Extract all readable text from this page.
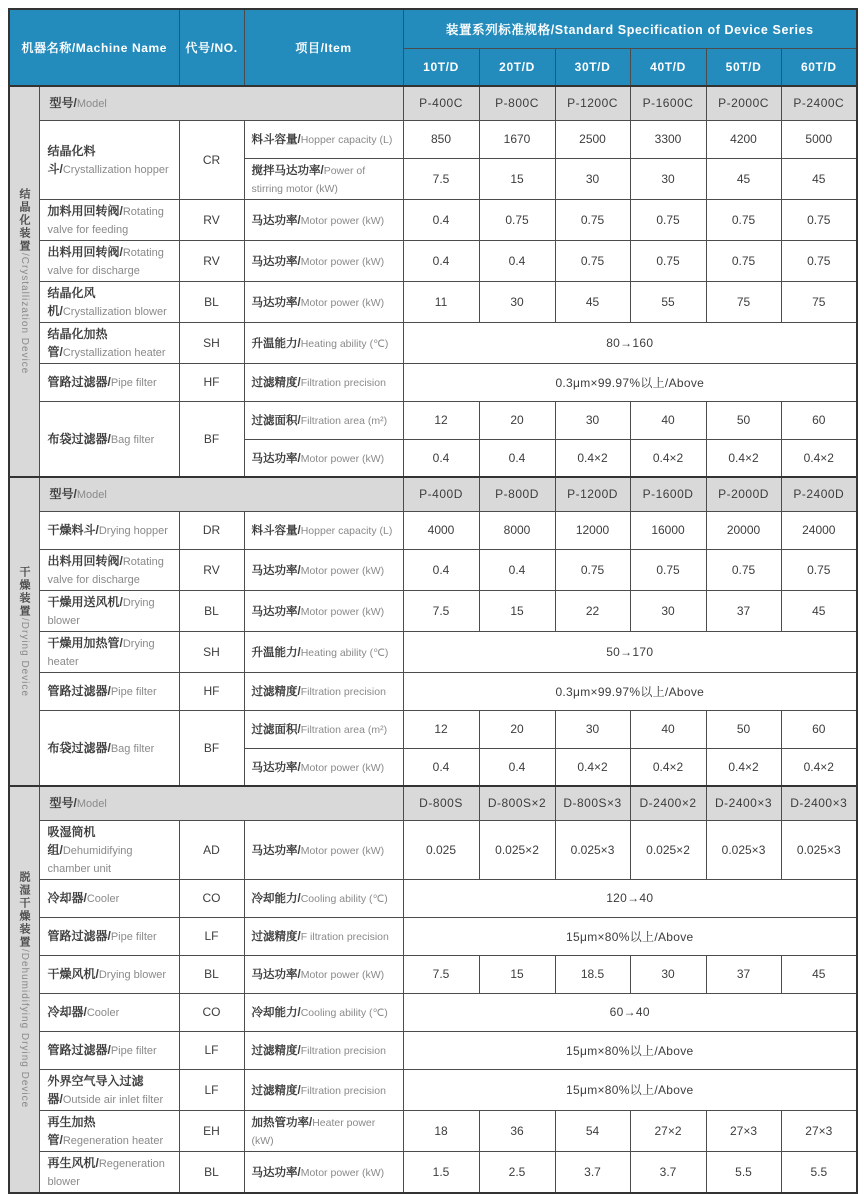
机器名称/Machine Name		代号/NO.	项目/Item	装置系列标准规格/Standard Specification of Device Series					
				10T/D	20T/D	30T/D	40T/D	50T/D	60T/D

结晶化装置/Crystallization Device	型号/Model			P-400C	P-800C	P-1200C	P-1600C	P-2000C	P-2400C
	结晶化料斗/Crystallization hopper	CR	料斗容量/Hopper capacity (L)	850	1670	2500	3300	4200	5000
			搅拌马达功率/Power of stirring motor (kW)	7.5	15	30	30	45	45
	加料用回转阀/Rotating valve for feeding	RV	马达功率/Motor power (kW)	0.4	0.75	0.75	0.75	0.75	0.75
	出料用回转阀/Rotating valve for discharge	RV	马达功率/Motor power (kW)	0.4	0.4	0.75	0.75	0.75	0.75
	结晶化风机/Crystallization blower	BL	马达功率/Motor power (kW)	11	30	45	55	75	75
	结晶化加热管/Crystallization heater	SH	升温能力/Heating ability (℃)	80→160					
	管路过滤器/Pipe filter	HF	过滤精度/Filtration precision	0.3μm×99.97%以上/Above					
	布袋过滤器/Bag filter	BF	过滤面积/Filtration area (m²)	12	20	30	40	50	60
			马达功率/Motor power (kW)	0.4	0.4	0.4×2	0.4×2	0.4×2	0.4×2

干燥装置/Drying Device	型号/Model			P-400D	P-800D	P-1200D	P-1600D	P-2000D	P-2400D
	干燥料斗/Drying hopper	DR	料斗容量/Hopper capacity (L)	4000	8000	12000	16000	20000	24000
	出料用回转阀/Rotating valve for discharge	RV	马达功率/Motor power (kW)	0.4	0.4	0.75	0.75	0.75	0.75
	干燥用送风机/Drying blower	BL	马达功率/Motor power (kW)	7.5	15	22	30	37	45
	干燥用加热管/Drying heater	SH	升温能力/Heating ability (℃)	50→170					
	管路过滤器/Pipe filter	HF	过滤精度/Filtration precision	0.3μm×99.97%以上/Above					
	布袋过滤器/Bag filter	BF	过滤面积/Filtration area (m²)	12	20	30	40	50	60
			马达功率/Motor power (kW)	0.4	0.4	0.4×2	0.4×2	0.4×2	0.4×2

脱湿干燥装置/Dehumidifying Drying Device	型号/Model			D-800S	D-800S×2	D-800S×3	D-2400×2	D-2400×3	D-2400×3
	吸湿筒机组/Dehumidifying chamber unit	AD	马达功率/Motor power (kW)	0.025	0.025×2	0.025×3	0.025×2	0.025×3	0.025×3
	冷却器/Cooler	CO	冷却能力/Cooling ability (℃)	120→40					
	管路过滤器/Pipe filter	LF	过滤精度/F iltration precision	15μm×80%以上/Above					
	干燥风机/Drying blower	BL	马达功率/Motor power (kW)	7.5	15	18.5	30	37	45
	冷却器/Cooler	CO	冷却能力/Cooling ability (℃)	60→40					
	管路过滤器/Pipe filter	LF	过滤精度/Filtration precision	15μm×80%以上/Above					
	外界空气导入过滤器/Outside air inlet filter	LF	过滤精度/Filtration precision	15μm×80%以上/Above					
	再生加热管/Regeneration heater	EH	加热管功率/Heater power (kW)	18	36	54	27×2	27×3	27×3
	再生风机/Regeneration blower	BL	马达功率/Motor power (kW)	1.5	2.5	3.7	3.7	5.5	5.5
